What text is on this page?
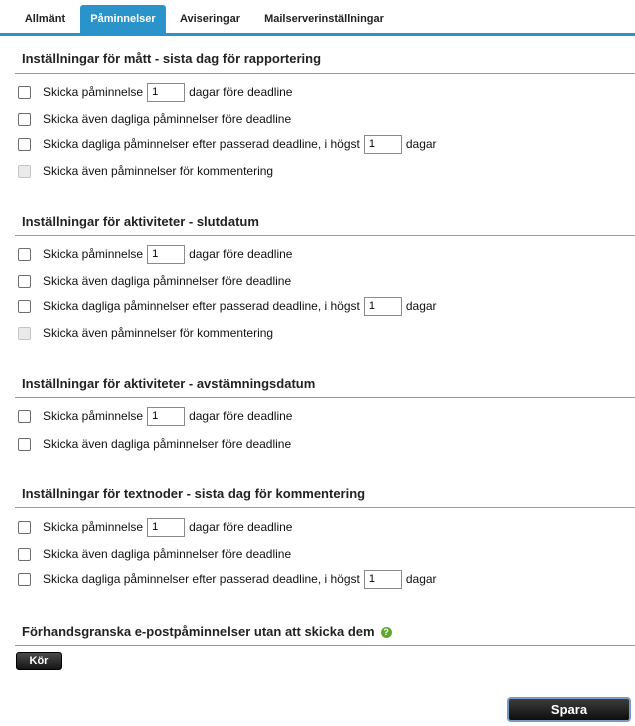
Allmänt	Påminnelser	Aviseringar	Mailserverinställningar
Inställningar för mått - sista dag för rapportering
Skicka påminnelse
1	dagar före deadline
Skicka även dagliga påminnelser före deadline
Skicka dagliga påminnelser efter passerad deadline, i högst
1	dagar
Skicka även påminnelser för kommentering
Inställningar för aktiviteter - slutdatum
Skicka påminnelse
1	dagar före deadline
Skicka även dagliga påminnelser före deadline
Skicka dagliga påminnelser efter passerad deadline, i högst
1	dagar
Skicka även påminnelser för kommentering
Inställningar för aktiviteter - avstämningsdatum
Skicka påminnelse
1	dagar före deadline
Skicka även dagliga påminnelser före deadline
Inställningar för textnoder - sista dag för kommentering
Skicka påminnelse
1	dagar före deadline
Skicka även dagliga påminnelser före deadline
Skicka dagliga påminnelser efter passerad deadline, i högst
1	dagar
Förhandsgranska e-postpåminnelser utan att skicka dem ?
Kör
Spara
